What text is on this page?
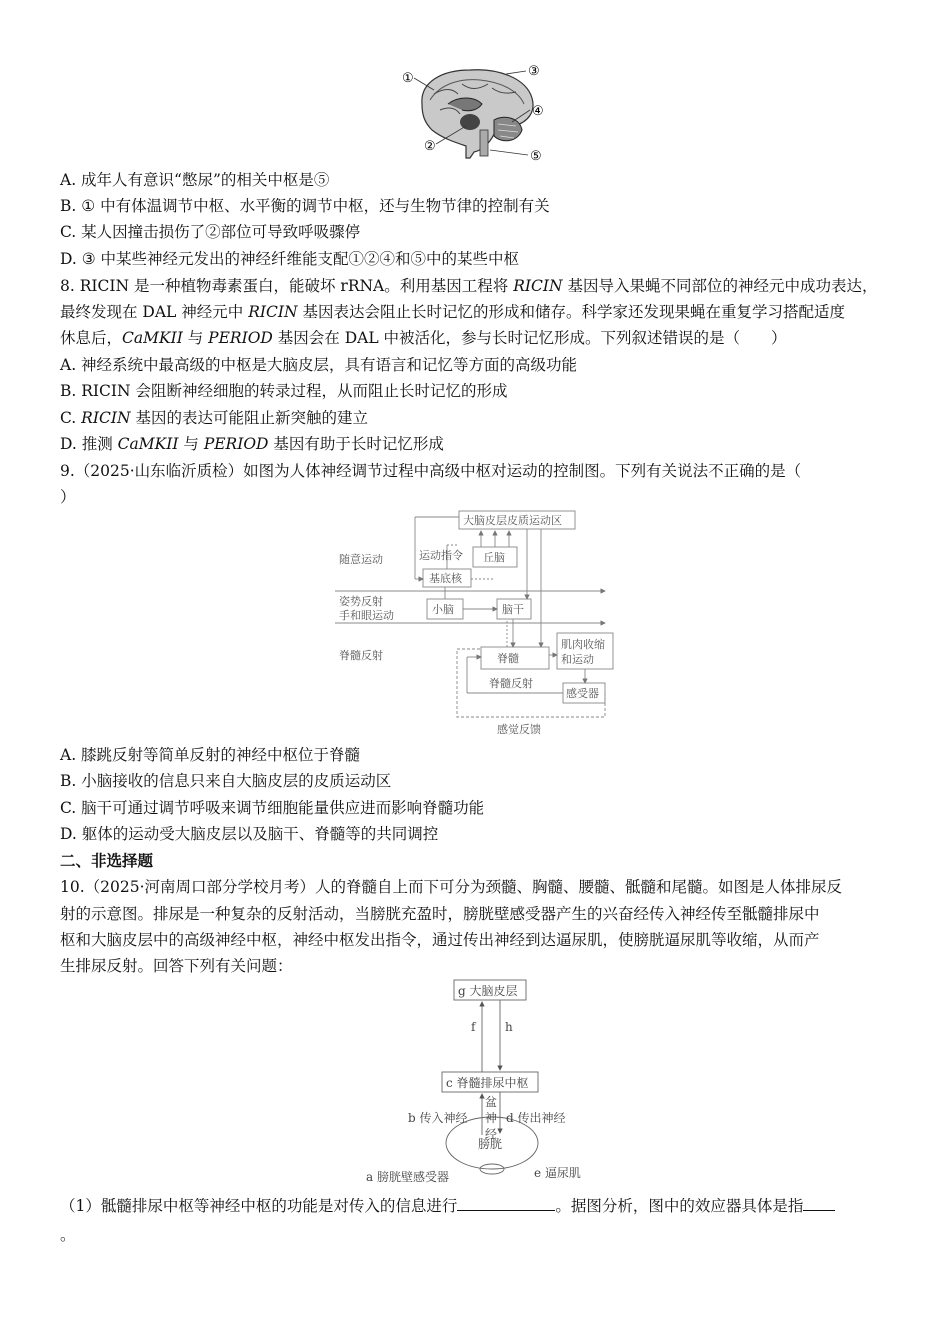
①
②
③
④
⑤
A. 成年人有意识“憋尿”的相关中枢是⑤
B. ① 中有体温调节中枢、水平衡的调节中枢，还与生物节律的控制有关
C. 某人因撞击损伤了②部位可导致呼吸骤停
D. ③ 中某些神经元发出的神经纤维能支配①②④和⑤中的某些中枢
8. RICIN 是一种植物毒素蛋白，能破坏 rRNA。利用基因工程将 RICIN 基因导入果蝇不同部位的神经元中成功表达，
最终发现在 DAL 神经元中 RICIN 基因表达会阻止长时记忆的形成和储存。科学家还发现果蝇在重复学习搭配适度
休息后，CaMKII 与 PERIOD 基因会在 DAL 中被活化，参与长时记忆形成。下列叙述错误的是（　　）
A. 神经系统中最高级的中枢是大脑皮层，具有语言和记忆等方面的高级功能
B. RICIN 会阻断神经细胞的转录过程，从而阻止长时记忆的形成
C. RICIN 基因的表达可能阻止新突触的建立
D. 推测 CaMKII 与 PERIOD 基因有助于长时记忆形成
9.（2025·山东临沂质检）如图为人体神经调节过程中高级中枢对运动的控制图。下列有关说法不正确的是（
）
大脑皮层皮质运动区
运动指令 丘脑
基底核
小脑	脑干
脊髓
肌肉收缩
和运动
感受器
脊髓反射
感觉反馈
随意运动
姿势反射
手和眼运动
脊髓反射
A. 膝跳反射等简单反射的神经中枢位于脊髓
B. 小脑接收的信息只来自大脑皮层的皮质运动区
C. 脑干可通过调节呼吸来调节细胞能量供应进而影响脊髓功能
D. 躯体的运动受大脑皮层以及脑干、脊髓等的共同调控
二、非选择题
10.（2025·河南周口部分学校月考）人的脊髓自上而下可分为颈髓、胸髓、腰髓、骶髓和尾髓。如图是人体排尿反
射的示意图。排尿是一种复杂的反射活动，当膀胱充盈时，膀胱壁感受器产生的兴奋经传入神经传至骶髓排尿中
枢和大脑皮层中的高级神经中枢，神经中枢发出指令，通过传出神经到达逼尿肌，使膀胱逼尿肌等收缩，从而产
生排尿反射。回答下列有关问题：
g 大脑皮层
f h
c 脊髓排尿中枢
b 传入神经
盆
神
经
d 传出神经
膀胱
a 膀胱壁感受器	e 逼尿肌
（1）骶髓排尿中枢等神经中枢的功能是对传入的信息进行	。据图分析，图中的效应器具体是指
。
